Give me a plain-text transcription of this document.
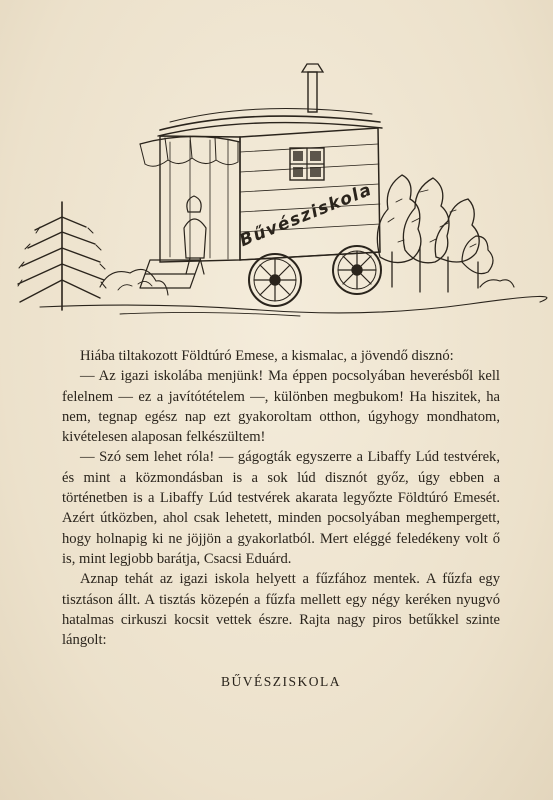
Bűvésziskola

Hiába tiltakozott Földtúró Emese, a kismalac, a jövendő disznó:

— Az igazi iskolába menjünk! Ma éppen pocsolyában heverésből kell felelnem — ez a javítótételem —, különben megbukom! Ha hiszitek, ha nem, tegnap egész nap ezt gyakoroltam otthon, úgyhogy mondhatom, kivételesen alaposan felkészültem!

— Szó sem lehet róla! — gágogták egyszerre a Libaffy Lúd testvérek, és mint a közmondásban is a sok lúd disznót győz, úgy ebben a történetben is a Libaffy Lúd testvérek akarata legyőzte Földtúró Emesét. Azért útközben, ahol csak lehetett, minden pocsolyában meghempergett, hogy holnapig ki ne jöjjön a gyakorlatból. Mert eléggé feledékeny volt ő is, mint legjobb barátja, Csacsi Eduárd.

Aznap tehát az igazi iskola helyett a fűzfához mentek. A fűzfa egy tisztáson állt. A tisztás közepén a fűzfa mellett egy négy keréken nyugvó hatalmas cirkuszi kocsit vettek észre. Rajta nagy piros betűkkel szinte lángolt:

BŰVÉSZISKOLA
